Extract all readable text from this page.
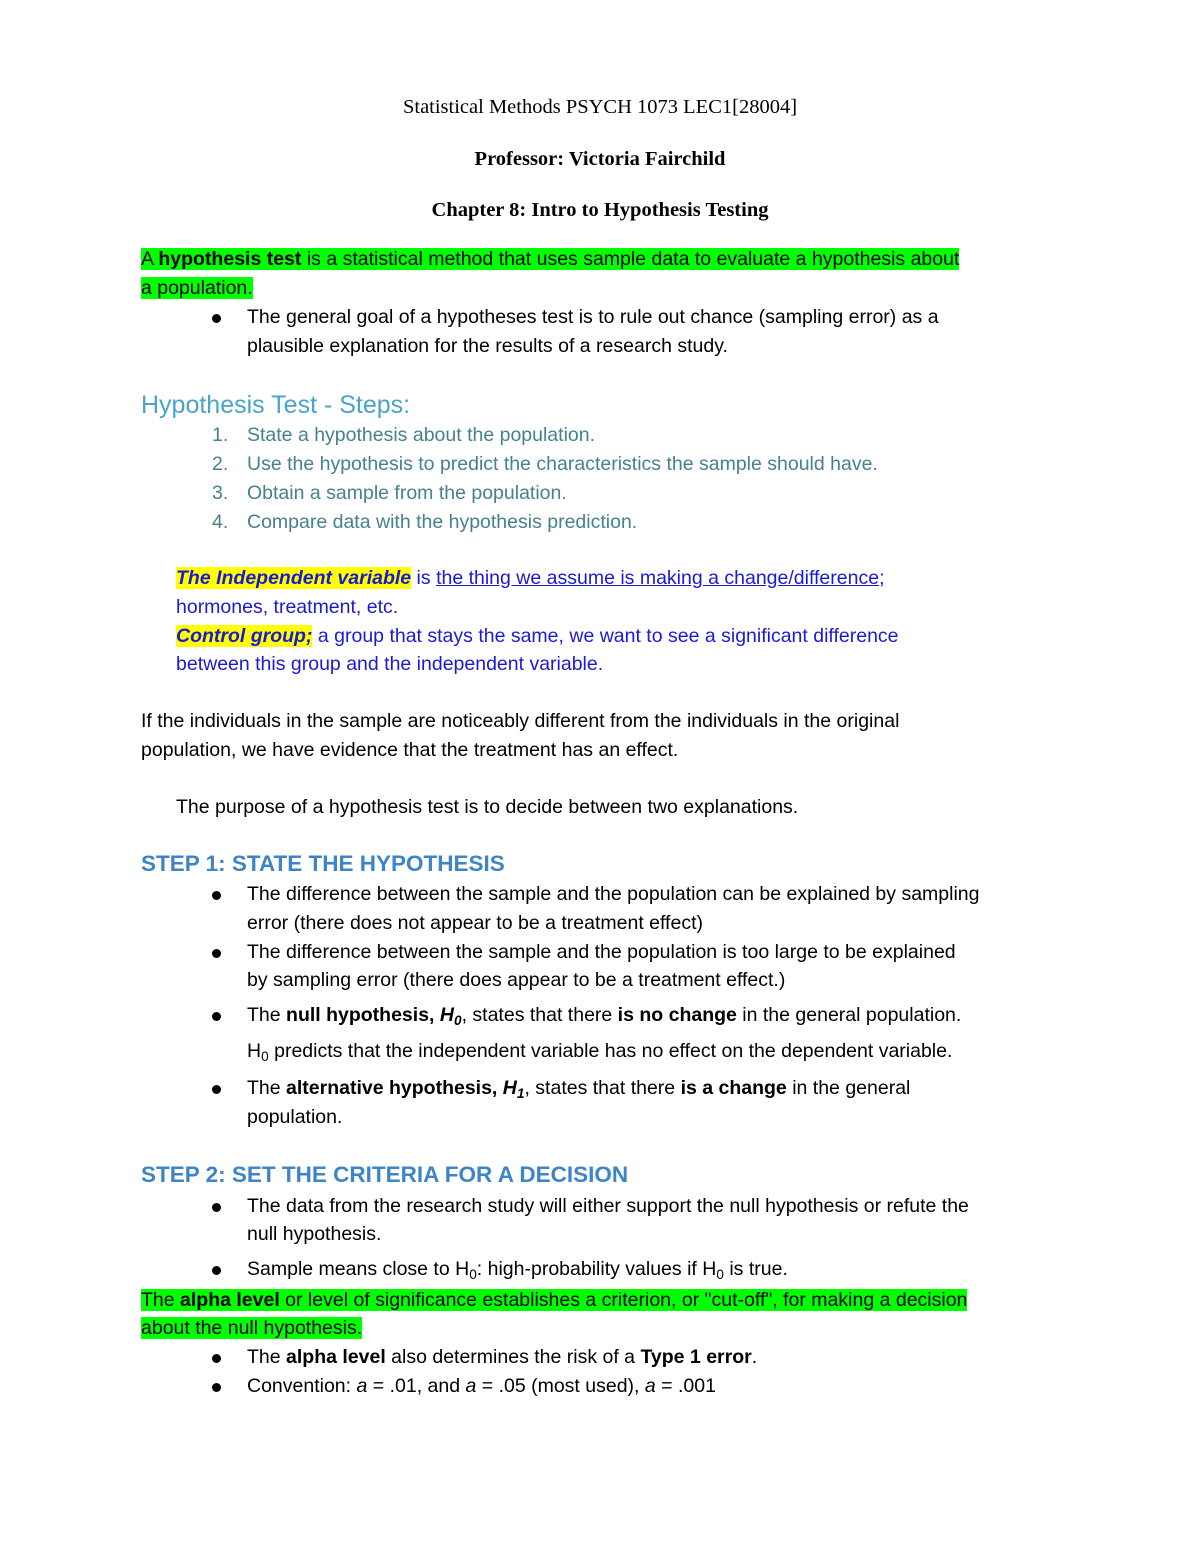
Statistical Methods PSYCH 1073 LEC1[28004]
Professor: Victoria Fairchild
Chapter 8: Intro to Hypothesis Testing
A hypothesis test is a statistical method that uses sample data to evaluate a hypothesis about
a population.
The general goal of a hypotheses test is to rule out chance (sampling error) as a
plausible explanation for the results of a research study.
Hypothesis Test - Steps:
1. State a hypothesis about the population.
2. Use the hypothesis to predict the characteristics the sample should have.
3. Obtain a sample from the population.
4. Compare data with the hypothesis prediction.
The Independent variable is the thing we assume is making a change/difference;
hormones, treatment, etc.
Control group; a group that stays the same, we want to see a significant difference
between this group and the independent variable.
If the individuals in the sample are noticeably different from the individuals in the original
population, we have evidence that the treatment has an effect.
The purpose of a hypothesis test is to decide between two explanations.
STEP 1: STATE THE HYPOTHESIS
The difference between the sample and the population can be explained by sampling
error (there does not appear to be a treatment effect)
The difference between the sample and the population is too large to be explained
by sampling error (there does appear to be a treatment effect.)
The null hypothesis, $H_0$, states that there is no change in the general population.
$H_0$ predicts that the independent variable has no effect on the dependent variable.
The alternative hypothesis, $H_1$, states that there is a change in the general
population.
STEP 2: SET THE CRITERIA FOR A DECISION
The data from the research study will either support the null hypothesis or refute the
null hypothesis.
Sample means close to $H_0$: high-probability values if $H_0$ is true.
The alpha level or level of significance establishes a criterion, or "cut-off", for making a decision
about the null hypothesis.
The alpha level also determines the risk of a Type 1 error.
Convention: a = .01, and a = .05 (most used), a = .001
